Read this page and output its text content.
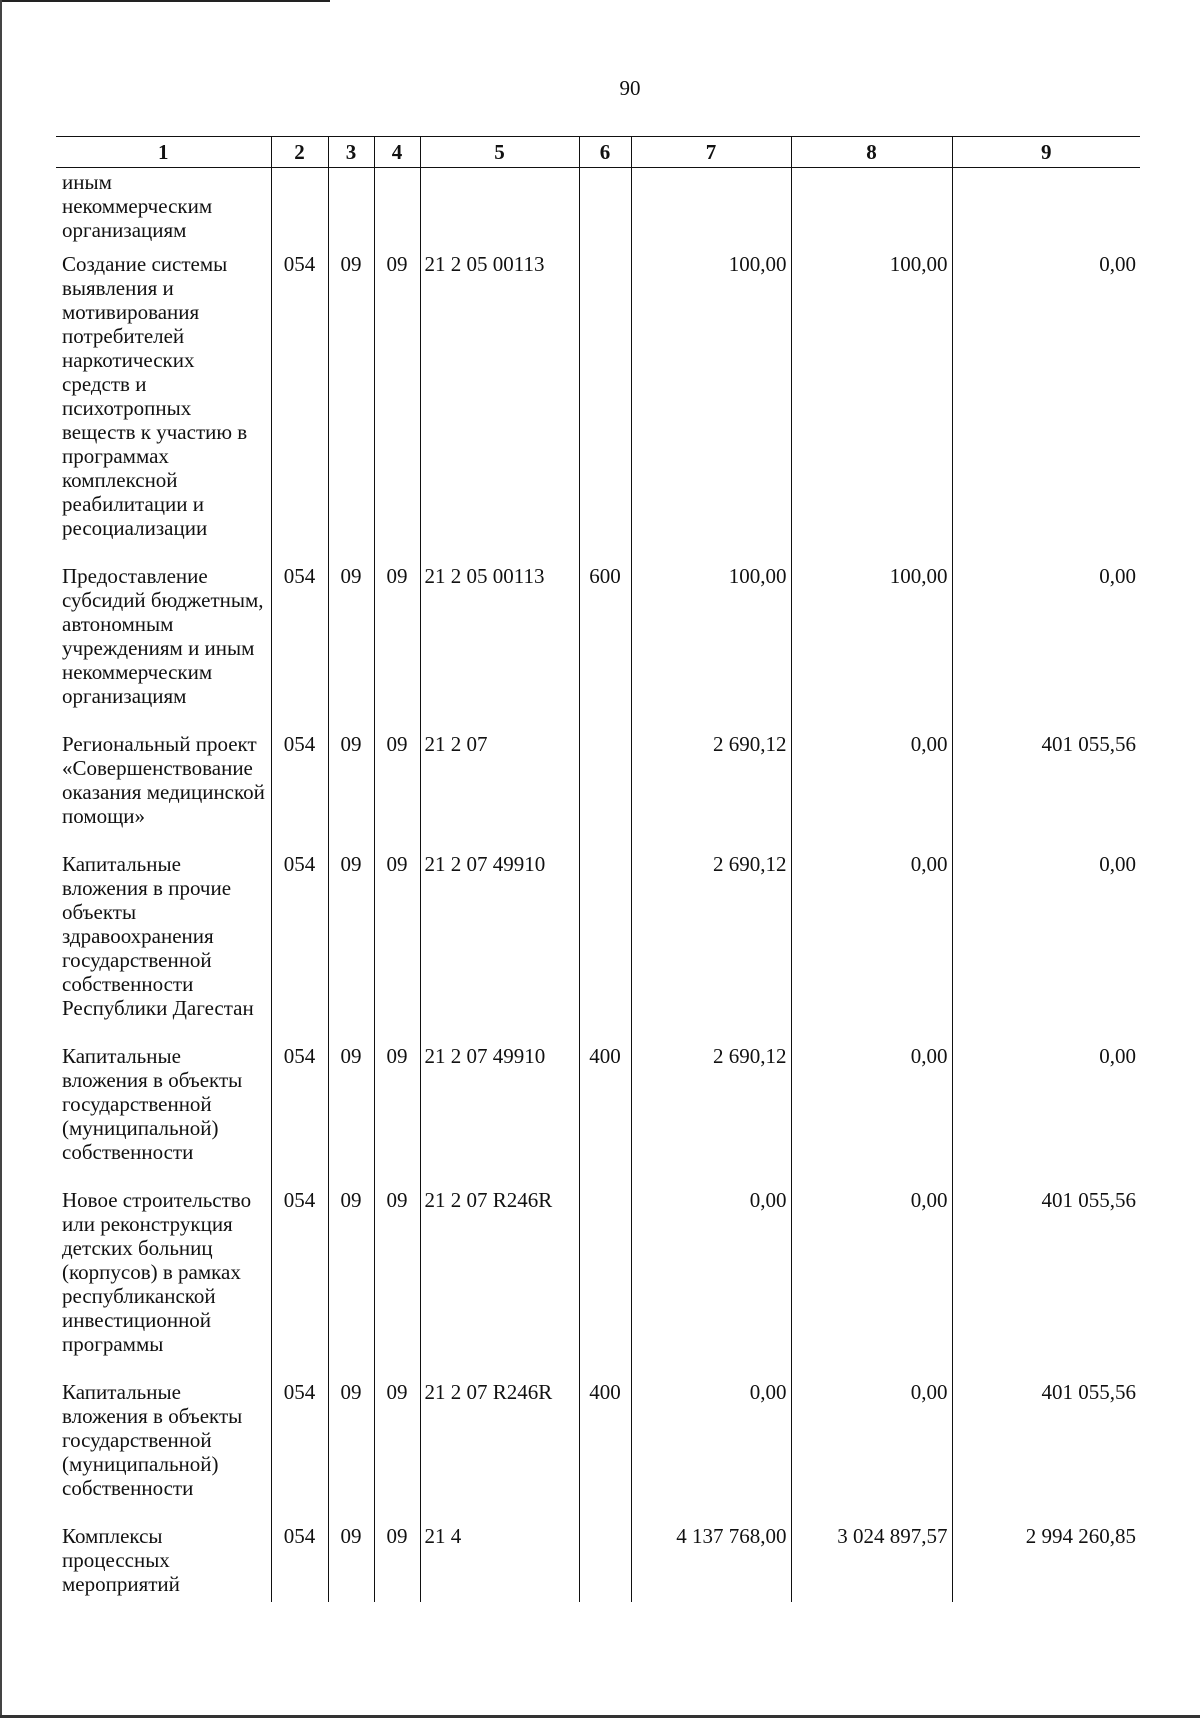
90
1	2	3	4	5	6	7	8	9
иным некоммерческим организациям								
Создание системы выявления и мотивирования потребителей наркотических средств и психотропных веществ к участию в программах комплексной реабилитации и ресоциализации	054	09	09	21 2 05 00113		100,00	100,00	0,00
Предоставление субсидий бюджетным, автономным учреждениям и иным некоммерческим организациям	054	09	09	21 2 05 00113	600	100,00	100,00	0,00
Региональный проект «Совершенствование оказания медицинской помощи»	054	09	09	21 2 07		2 690,12	0,00	401 055,56
Капитальные вложения в прочие объекты здравоохранения государственной собственности Республики Дагестан	054	09	09	21 2 07 49910		2 690,12	0,00	0,00
Капитальные вложения в объекты государственной (муниципальной) собственности	054	09	09	21 2 07 49910	400	2 690,12	0,00	0,00
Новое строительство или реконструкция детских больниц (корпусов) в рамках республиканской инвестиционной программы	054	09	09	21 2 07 R246R		0,00	0,00	401 055,56
Капитальные вложения в объекты государственной (муниципальной) собственности	054	09	09	21 2 07 R246R	400	0,00	0,00	401 055,56
Комплексы процессных мероприятий	054	09	09	21 4		4 137 768,00	3 024 897,57	2 994 260,85
